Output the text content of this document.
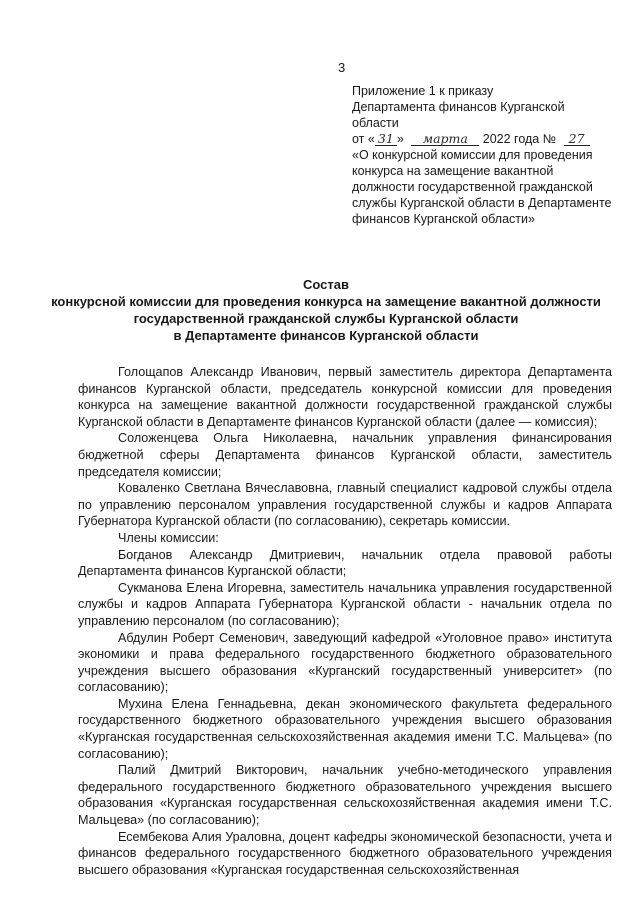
3
Приложение 1 к приказу
Департамента финансов Курганской
области
от « 31 » марта 2022 года № 27
«О конкурсной комиссии для проведения конкурса на замещение вакантной должности государственной гражданской службы Курганской области в Департаменте финансов Курганской области»
Состав
конкурсной комиссии для проведения конкурса на замещение вакантной должности государственной гражданской службы Курганской области
в Департаменте финансов Курганской области

Голощапов Александр Иванович, первый заместитель директора Департамента финансов Курганской области, председатель конкурсной комиссии для проведения конкурса на замещение вакантной должности государственной гражданской службы Курганской области в Департаменте финансов Курганской области (далее — комиссия);

Соложенцева Ольга Николаевна, начальник управления финансирования бюджетной сферы Департамента финансов Курганской области, заместитель председателя комиссии;

Коваленко Светлана Вячеславовна, главный специалист кадровой службы отдела по управлению персоналом управления государственной службы и кадров Аппарата Губернатора Курганской области (по согласованию), секретарь комиссии.

Члены комиссии:

Богданов Александр Дмитриевич, начальник отдела правовой работы Департамента финансов Курганской области;

Сукманова Елена Игоревна, заместитель начальника управления государственной службы и кадров Аппарата Губернатора Курганской области - начальник отдела по управлению персоналом (по согласованию);

Абдулин Роберт Семенович, заведующий кафедрой «Уголовное право» института экономики и права федерального государственного бюджетного образовательного учреждения высшего образования «Курганский государственный университет» (по согласованию);

Мухина Елена Геннадьевна, декан экономического факультета федерального государственного бюджетного образовательного учреждения высшего образования «Курганская государственная сельскохозяйственная академия имени Т.С. Мальцева» (по согласованию);

Палий Дмитрий Викторович, начальник учебно-методического управления федерального государственного бюджетного образовательного учреждения высшего образования «Курганская государственная сельскохозяйственная академия имени Т.С. Мальцева» (по согласованию);

Есембекова Алия Ураловна, доцент кафедры экономической безопасности, учета и финансов федерального государственного бюджетного образовательного учреждения высшего образования «Курганская государственная сельскохозяйственная
